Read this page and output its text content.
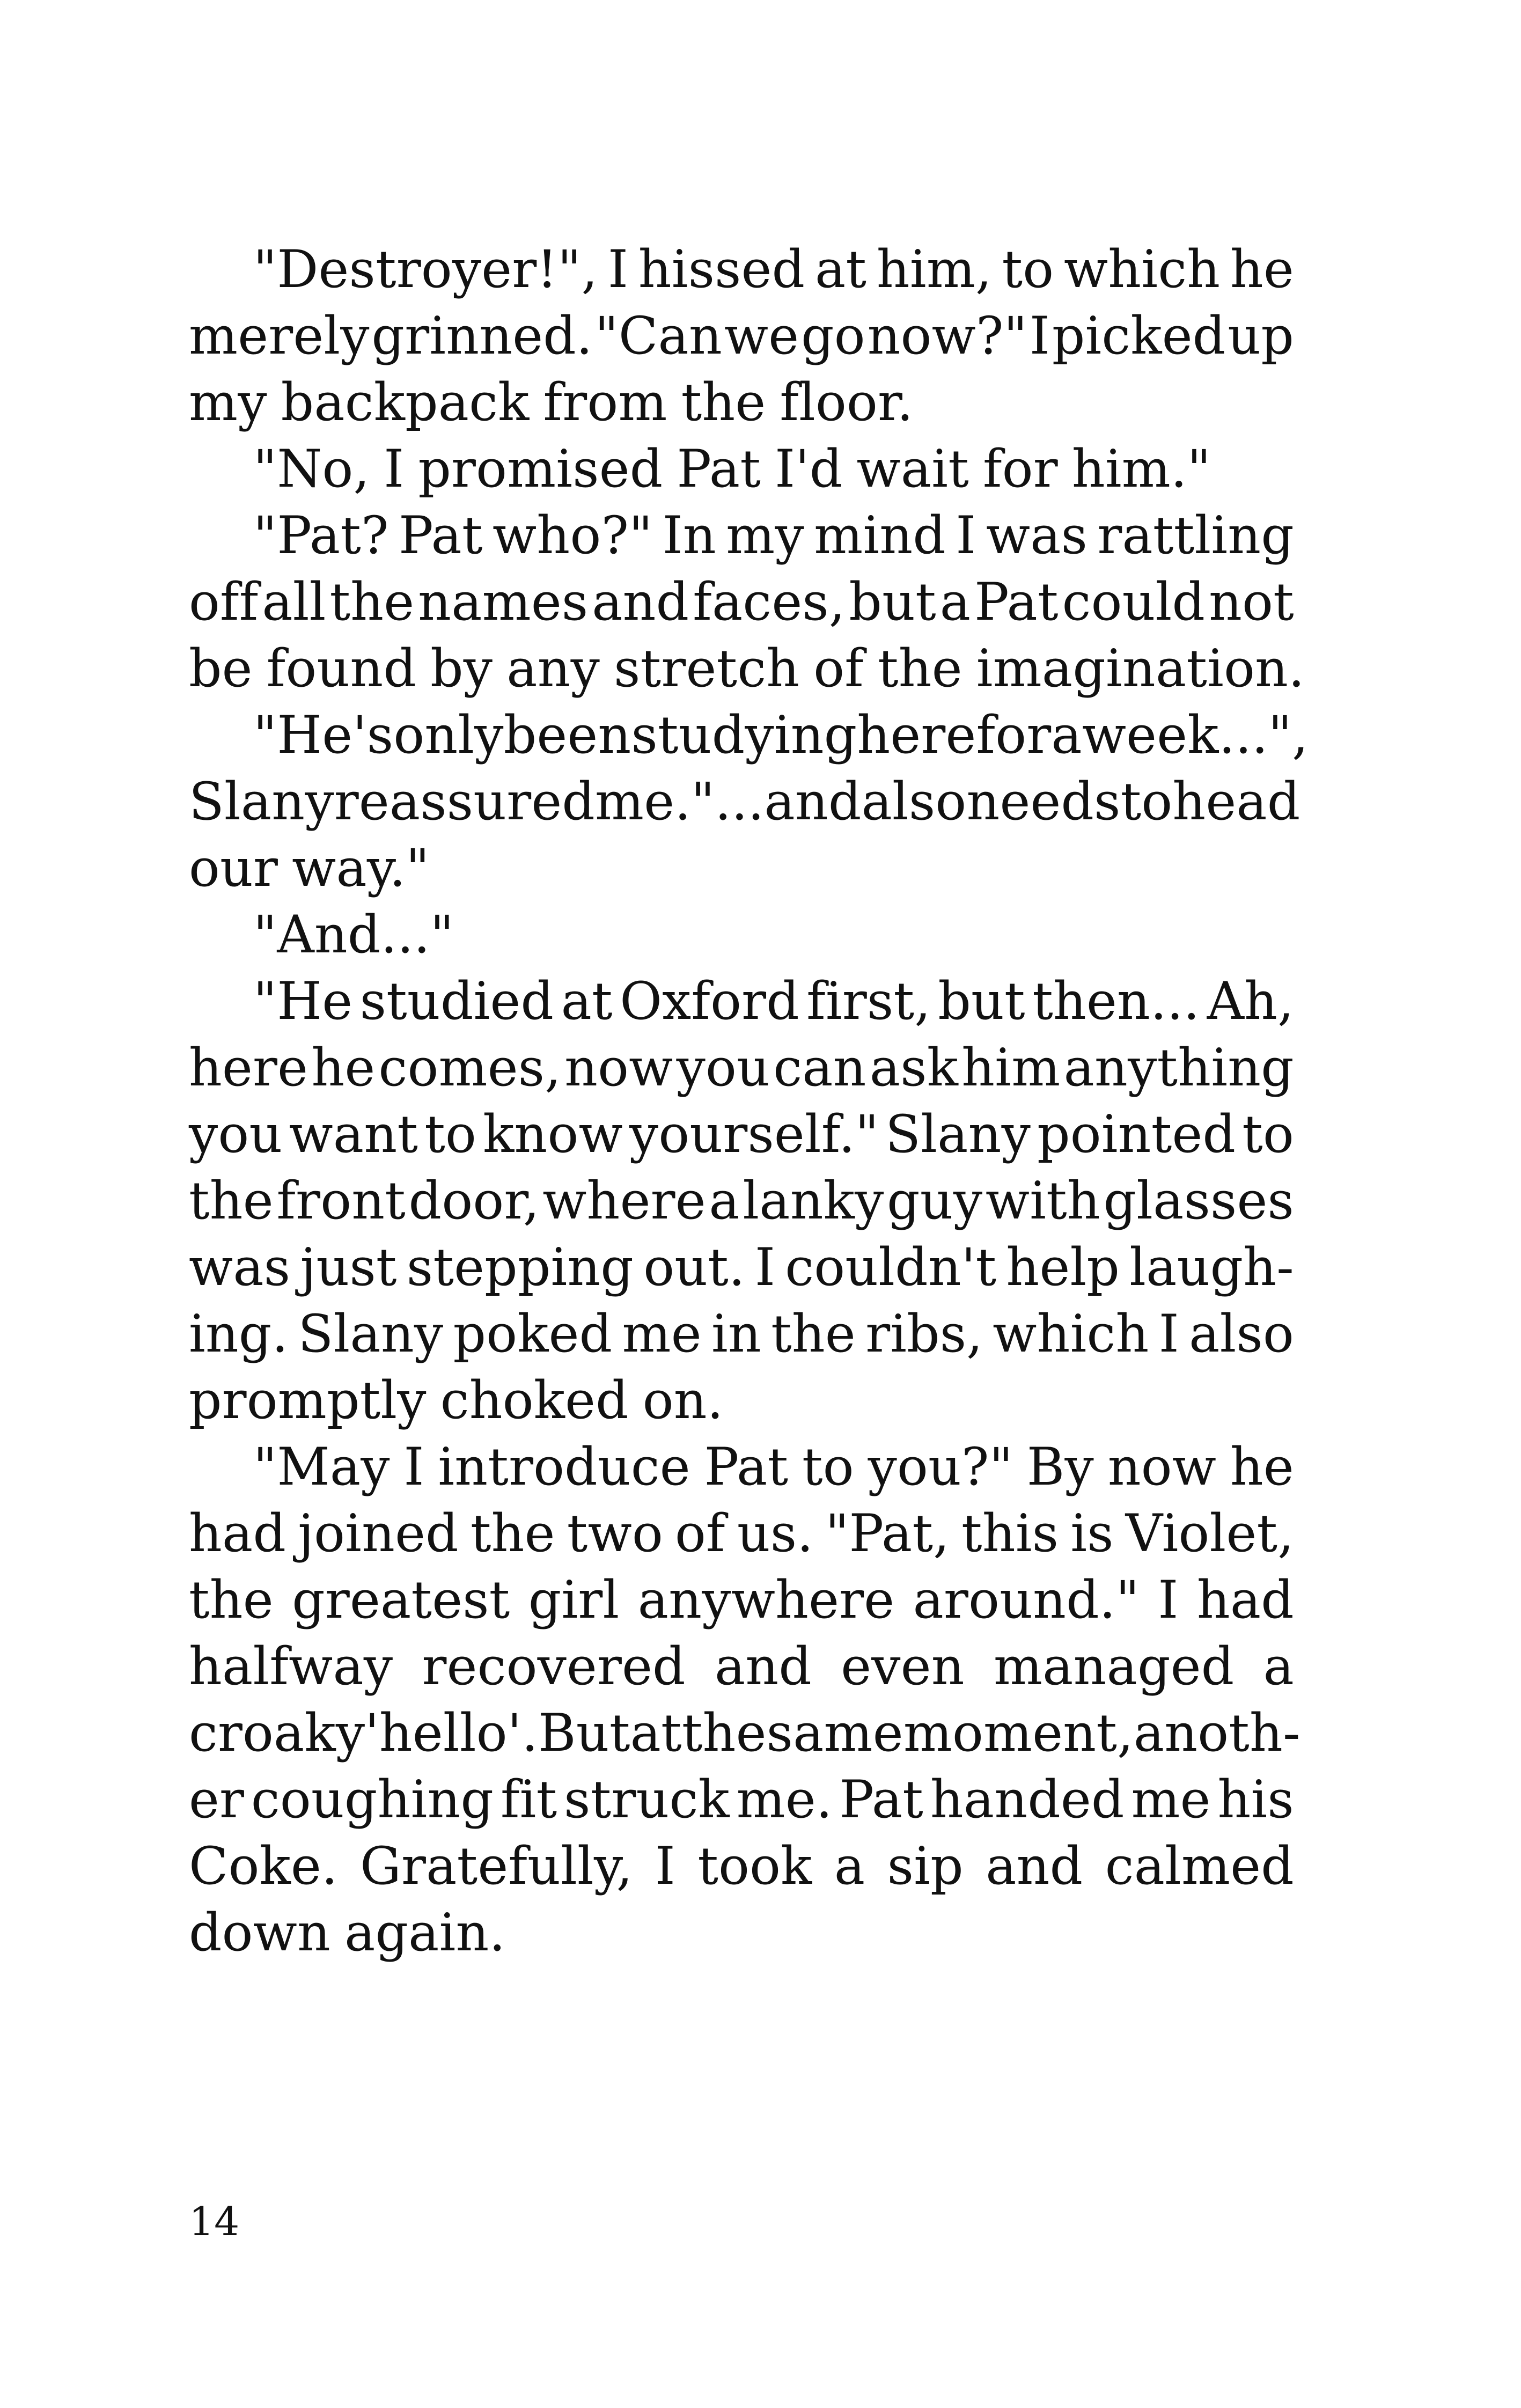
"Destroyer!", I hissed at him, to which he
merely grinned. "Can we go now?" I picked up
my backpack from the floor.
"No, I promised Pat I'd wait for him."
"Pat? Pat who?" In my mind I was rattling
off all the names and faces, but a Pat could not
be found by any stretch of the imagination.
"He's only been studying here for a week...",
Slany reassured me. "...and also needs to head
our way."
"And..."
"He studied at Oxford first, but then... Ah,
here he comes, now you can ask him anything
you want to know yourself." Slany pointed to
the front door, where a lanky guy with glasses
was just stepping out. I couldn't help laugh-
ing. Slany poked me in the ribs, which I also
promptly choked on.
"May I introduce Pat to you?" By now he
had joined the two of us. "Pat, this is Violet,
the greatest girl anywhere around." I had
halfway recovered and even managed a
croaky 'hello'. But at the same moment, anoth-
er coughing fit struck me. Pat handed me his
Coke. Gratefully, I took a sip and calmed
down again.
14
